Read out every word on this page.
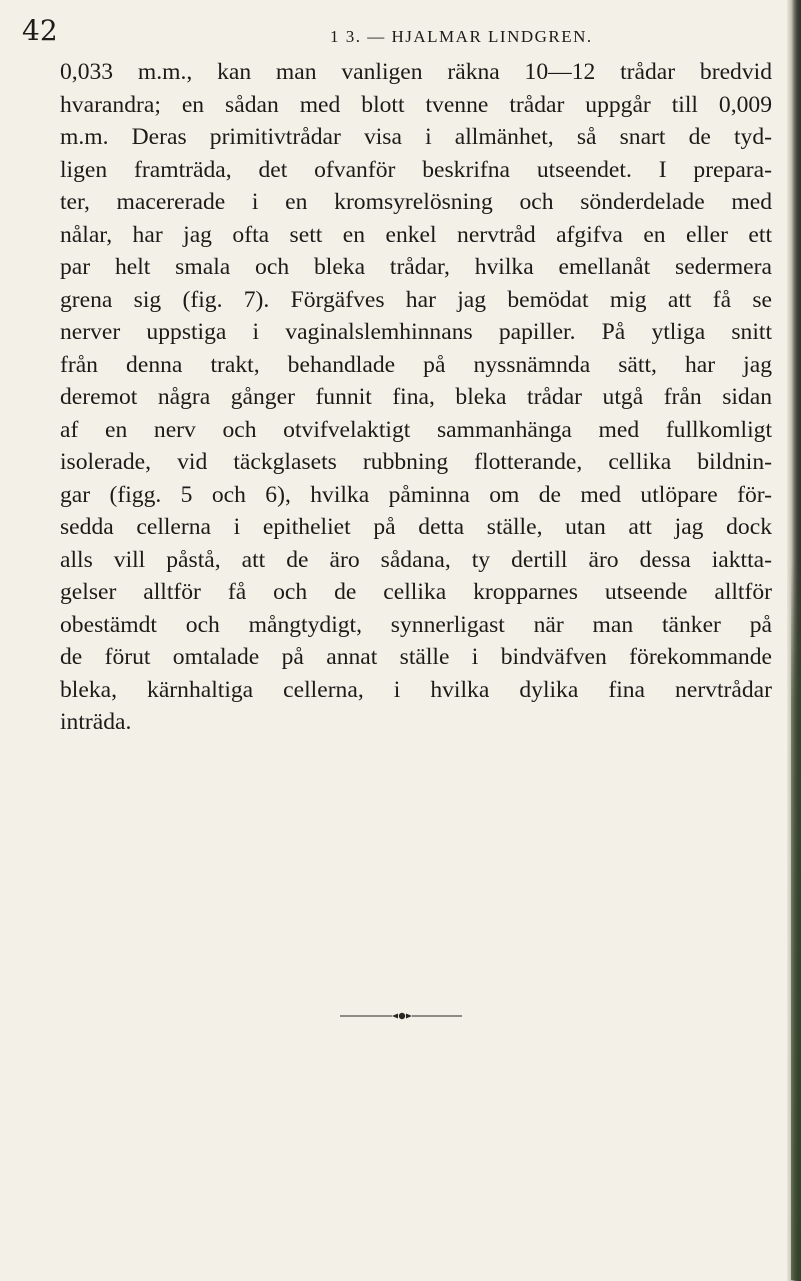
42	1 3. — HJALMAR LINDGREN.
0,033 m.m., kan man vanligen räkna 10—12 trådar bredvid
hvarandra; en sådan med blott tvenne trådar uppgår till 0,009
m.m. Deras primitivtrådar visa i allmänhet, så snart de tyd-
ligen framträda, det ofvanför beskrifna utseendet. I prepara-
ter, macererade i en kromsyrelösning och sönderdelade med
nålar, har jag ofta sett en enkel nervtråd afgifva en eller ett
par helt smala och bleka trådar, hvilka emellanåt sedermera
grena sig (fig. 7). Förgäfves har jag bemödat mig att få se
nerver uppstiga i vaginalslemhinnans papiller. På ytliga snitt
från denna trakt, behandlade på nyssnämnda sätt, har jag
deremot några gånger funnit fina, bleka trådar utgå från sidan
af en nerv och otvifvelaktigt sammanhänga med fullkomligt
isolerade, vid täckglasets rubbning flotterande, cellika bildnin-
gar (figg. 5 och 6), hvilka påminna om de med utlöpare för-
sedda cellerna i epitheliet på detta ställe, utan att jag dock
alls vill påstå, att de äro sådana, ty dertill äro dessa iaktta-
gelser alltför få och de cellika kropparnes utseende alltför
obestämdt och mångtydigt, synnerligast när man tänker på
de förut omtalade på annat ställe i bindväfven förekommande
bleka, kärnhaltiga cellerna, i hvilka dylika fina nervtrådar
inträda.
